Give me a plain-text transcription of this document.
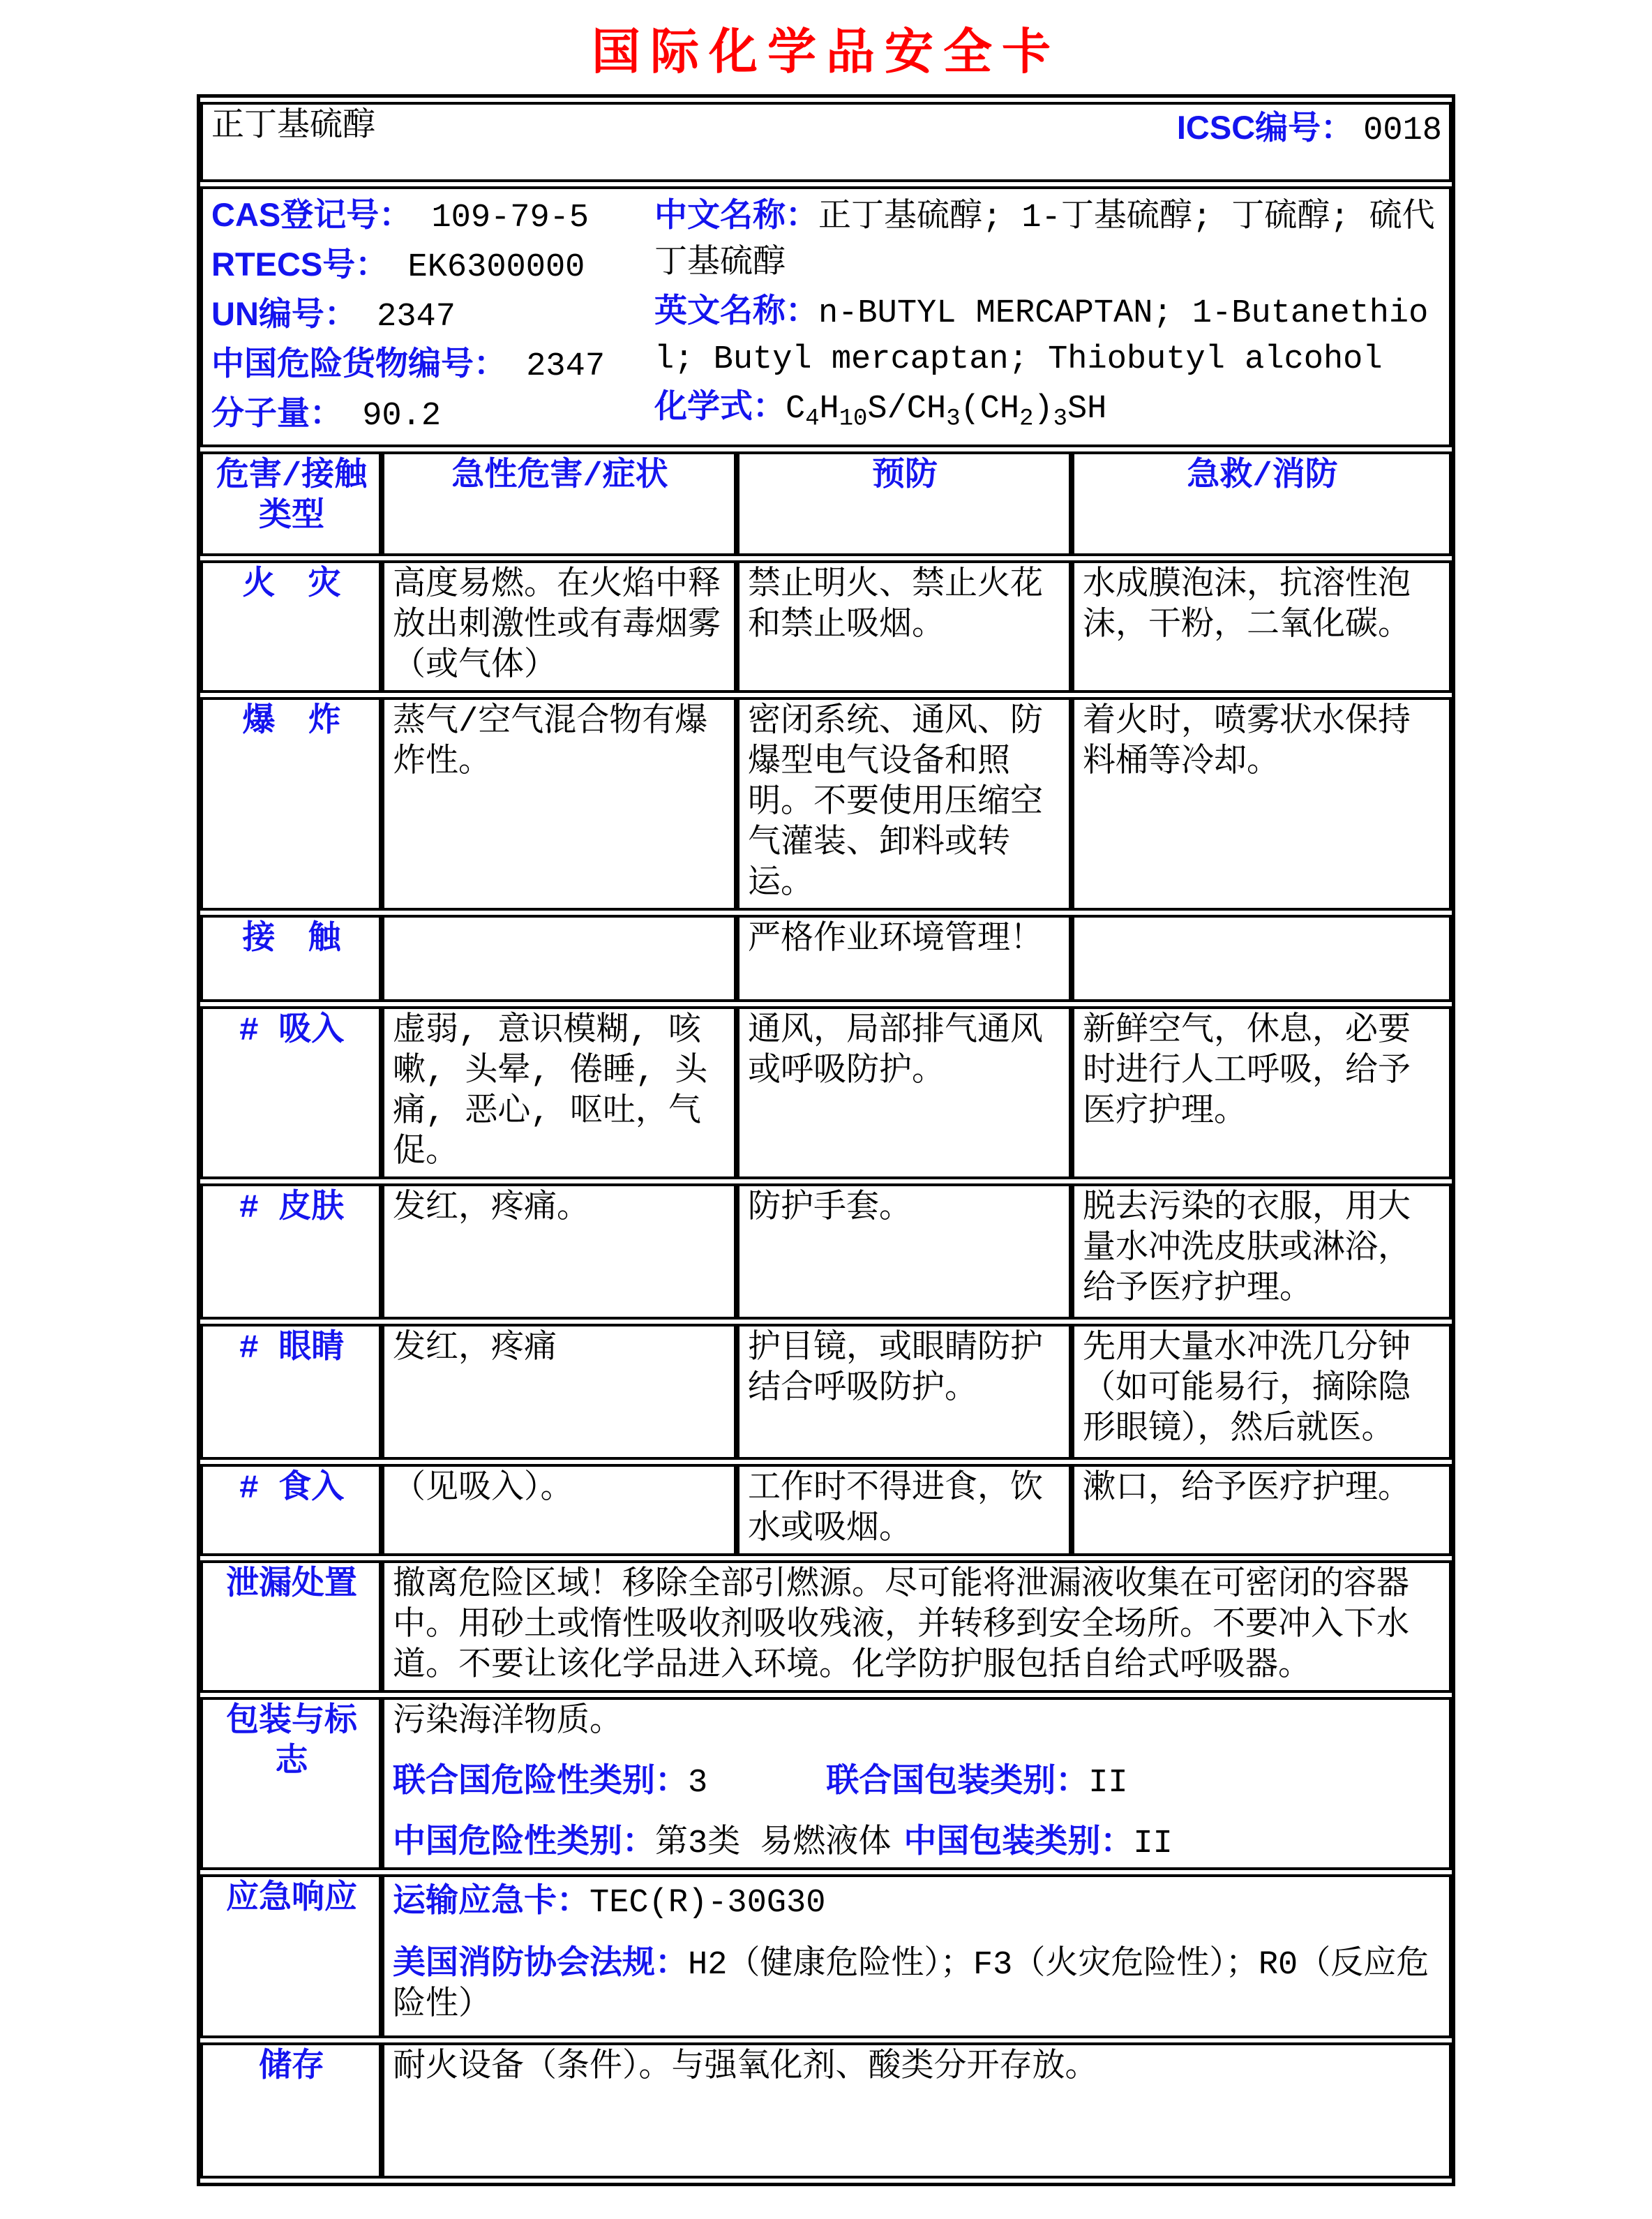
国际化学品安全卡
正丁基硫醇 ICSC编号： 0018			

CAS登记号： 109-79-5
RTECS号： EK6300000
UN编号： 2347
中国危险货物编号： 2347
分子量： 90.2
中文名称：正丁基硫醇; 1-丁基硫醇; 丁硫醇; 硫代丁基硫醇
英文名称：n-BUTYL MERCAPTAN; 1-Butanethiol; Butyl mercaptan; Thiobutyl alcohol
化学式：$C_4H_{10}S/CH_3(CH_2)_3SH$

危害/接触
类型	急性危害/症状	预防	急救/消防
火　灾	高度易燃。在火焰中释放出刺激性或有毒烟雾（或气体）	禁止明火、禁止火花和禁止吸烟。	水成膜泡沫，抗溶性泡沫，干粉，二氧化碳。
爆　炸	蒸气/空气混合物有爆炸性。	密闭系统、通风、防爆型电气设备和照明。不要使用压缩空气灌装、卸料或转运。	着火时，喷雾状水保持料桶等冷却。
接　触		严格作业环境管理！	
# 吸入	虚弱, 意识模糊, 咳嗽, 头晕, 倦睡, 头痛, 恶心, 呕吐，气促。	通风，局部排气通风或呼吸防护。	新鲜空气，休息，必要时进行人工呼吸，给予医疗护理。
# 皮肤	发红，疼痛。	防护手套。	脱去污染的衣服，用大量水冲洗皮肤或淋浴，给予医疗护理。
# 眼睛	发红，疼痛	护目镜，或眼睛防护结合呼吸防护。	先用大量水冲洗几分钟（如可能易行，摘除隐形眼镜），然后就医。
# 食入	（见吸入）。	工作时不得进食，饮水或吸烟。	漱口，给予医疗护理。
泄漏处置	撤离危险区域！移除全部引燃源。尽可能将泄漏液收集在可密闭的容器中。用砂土或惰性吸收剂吸收残液，并转移到安全场所。不要冲入下水道。不要让该化学品进入环境。化学防护服包括自给式呼吸器。		
包装与标志	污染海洋物质。
联合国危险性类别：3 联合国包装类别：II
中国危险性类别：第3类 易燃液体 中国包装类别：II		

应急响应	运输应急卡：TEC(R)-30G30
美国消防协会法规：H2（健康危险性）；F3（火灾危险性）；R0（反应危险性）		

储存	耐火设备（条件）。与强氧化剂、酸类分开存放。		
